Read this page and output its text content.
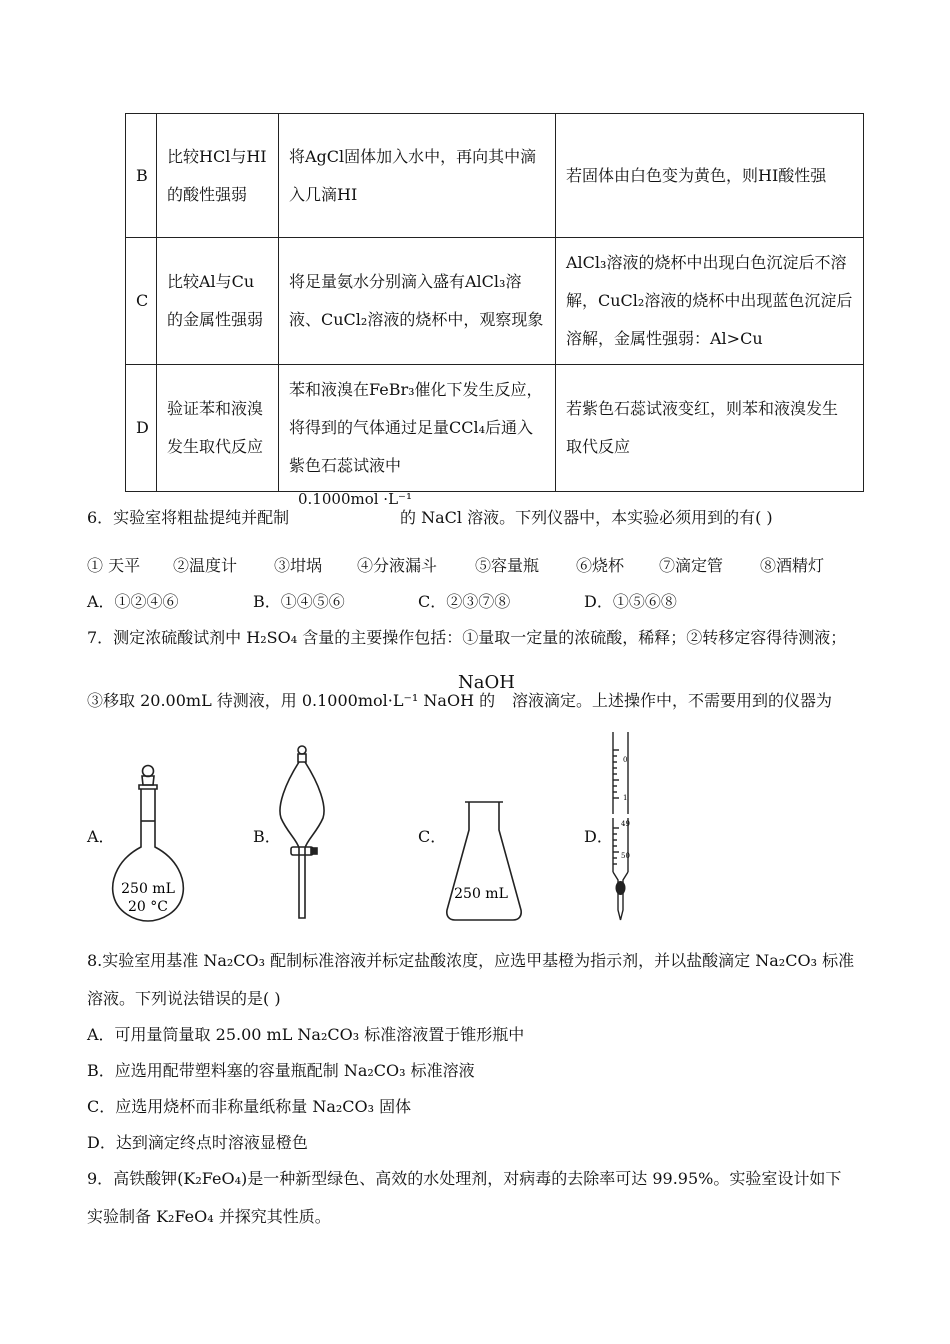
B	比较HCl与HI的酸性强弱	将AgCl固体加入水中，再向其中滴入几滴HI	若固体由白色变为黄色，则HI酸性强
C	比较Al与Cu的金属性强弱	将足量氨水分别滴入盛有AlCl₃溶液、CuCl₂溶液的烧杯中，观察现象	AlCl₃溶液的烧杯中出现白色沉淀后不溶解，CuCl₂溶液的烧杯中出现蓝色沉淀后溶解，金属性强弱：Al>Cu
D	验证苯和液溴发生取代反应	苯和液溴在FeBr₃催化下发生反应，将得到的气体通过足量CCl₄后通入紫色石蕊试液中	若紫色石蕊试液变红，则苯和液溴发生取代反应
6．实验室将粗盐提纯并配制
0.1000mol ·L⁻¹
的 NaCl 溶液。下列仪器中，本实验必须用到的有( )
① 天平 ②温度计 ③坩埚 ④分液漏斗 ⑤容量瓶 ⑥烧杯 ⑦滴定管 ⑧酒精灯
A．①②④⑥	B．①④⑤⑥	C．②③⑦⑧	D．①⑤⑥⑧
7．测定浓硫酸试剂中 H₂SO₄ 含量的主要操作包括：①量取一定量的浓硫酸，稀释；②转移定容得待测液；
③移取 20.00mL 待测液，用 0.1000mol·L⁻¹ NaOH 的
NaOH
溶液滴定。上述操作中，不需要用到的仪器为
A．	B．	C．	D．
250 mL
20 °C
250 mL
0
1
49
50
8.实验室用基准 Na₂CO₃ 配制标准溶液并标定盐酸浓度，应选甲基橙为指示剂，并以盐酸滴定 Na₂CO₃ 标准
溶液。下列说法错误的是( )
A．可用量筒量取 25.00 mL Na₂CO₃ 标准溶液置于锥形瓶中
B．应选用配带塑料塞的容量瓶配制 Na₂CO₃ 标准溶液
C．应选用烧杯而非称量纸称量 Na₂CO₃ 固体
D．达到滴定终点时溶液显橙色
9．高铁酸钾(K₂FeO₄)是一种新型绿色、高效的水处理剂，对病毒的去除率可达 99.95%。实验室设计如下
实验制备 K₂FeO₄ 并探究其性质。
